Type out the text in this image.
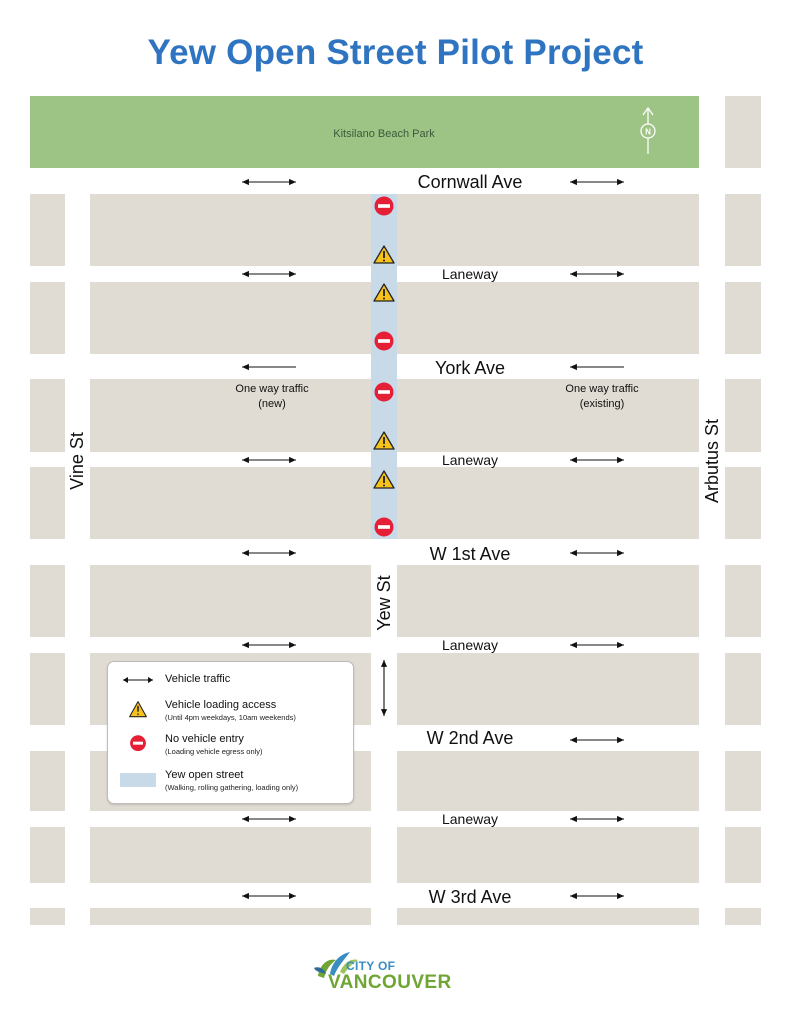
Yew Open Street Pilot Project
Kitsilano Beach Park	N
Cornwall Ave
Laneway
York Ave
Laneway
W 1st Ave
Laneway
W 2nd Ave
Laneway
W 3rd Ave
One way traffic
(new)
One way traffic
(existing)
Vine St
Yew St
Arbutus St
Vehicle traffic
Vehicle loading access
(Until 4pm weekdays, 10am weekends)
No vehicle entry
(Loading vehicle egress only)
Yew open street
(Walking, rolling gathering, loading only)
CITY OF
VANCOUVER
